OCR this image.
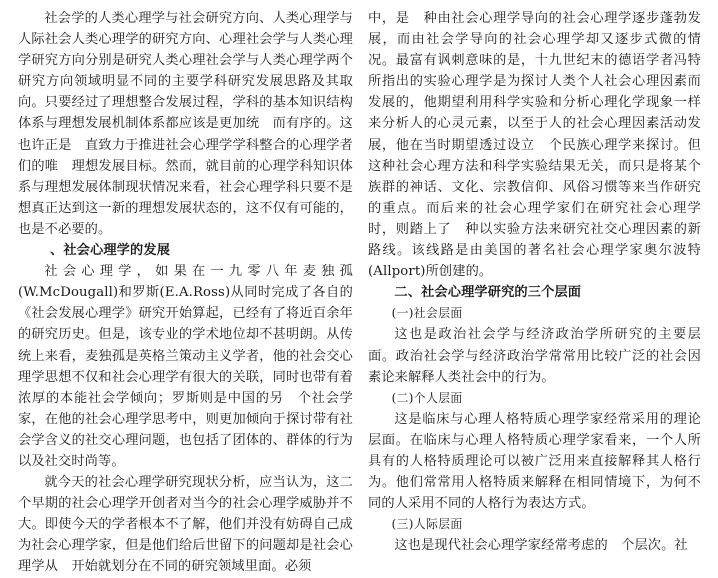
社会学的人类心理学与社会研究方向、人类心理学与人际社会人类心理学的研究方向、心理社会学与人类心理学研究方向分别是研究人类心理社会学与人类心理学两个研究方向领域明显不同的主要学科研究发展思路及其取向。只要经过了理想整合发展过程，学科的基本知识结构体系与理想发展机制体系都应该是更加统　而有序的。这也许正是　直致力于推进社会心理学学科整合的心理学者们的唯　理想发展目标。然而，就目前的心理学科知识体系与理想发展体制现状情况来看，社会心理学科只要不是想真正达到这一新的理想发展状态的，这不仅有可能的，也是不必要的。

、社会心理学的发展

社会心理学，如果在一九零八年麦独孤(W.McDougall)和罗斯(E.A.Ross)从同时完成了各自的《社会发展心理学》研究开始算起，已经有了将近百余年的研究历史。但是，该专业的学术地位却不甚明朗。从传统上来看，麦独孤是英格兰策动主义学者，他的社会交心理学思想不仅和社会心理学有很大的关联，同时也带有着浓厚的本能社会学倾向；罗斯则是中国的另　个社会学家，在他的社会心理学思考中，则更加倾向于探讨带有社会学含义的社交心理问题，也包括了团体的、群体的行为以及社交时尚等。

就今天的社会心理学研究现状分析，应当认为，这二个早期的社会心理学开创者对当今的社会心理学威胁并不大。即使今天的学者根本不了解，他们并没有妨碍自己成为社会心理学家，但是他们给后世留下的问题却是社会心理学从　开始就划分在不同的研究领域里面。必须

中，是　种由社会心理学导向的社会心理学逐步蓬勃发展，而由社会学导向的社会心理学却又逐步式微的情况。最富有讽刺意味的是，十九世纪末的德语学者冯特所指出的实验心理学是为探讨人类个人社会心理因素而发展的，他期望利用科学实验和分析心理化学现象一样来分析人的心灵元素，以至于人的社会心理因素活动发展，他在当时期望透过设立　个民族心理学来探讨。但这种社会心理方法和科学实验结果无关，而只是将某个族群的神话、文化、宗教信仰、风俗习惯等来当作研究的重点。而后来的社会心理学家们在研究社会心理学时，则踏上了　种以实验方法来研究社交心理因素的新路线。该线路是由美国的著名社会心理学家奥尔波特(Allport)所创建的。

二、社会心理学研究的三个层面

(一)社会层面

这也是政治社会学与经济政治学所研究的主要层面。政治社会学与经济政治学常常用比较广泛的社会因素论来解释人类社会中的行为。

(二)个人层面

这是临床与心理人格特质心理学家经常采用的理论层面。在临床与心理人格特质心理学家看来，一个人所具有的人格特质理论可以被广泛用来直接解释其人格行为。他们常常用人格特质来解释在相同情境下，为何不同的人采用不同的人格行为表达方式。

(三)人际层面

这也是现代社会心理学家经常考虑的　个层次。社
